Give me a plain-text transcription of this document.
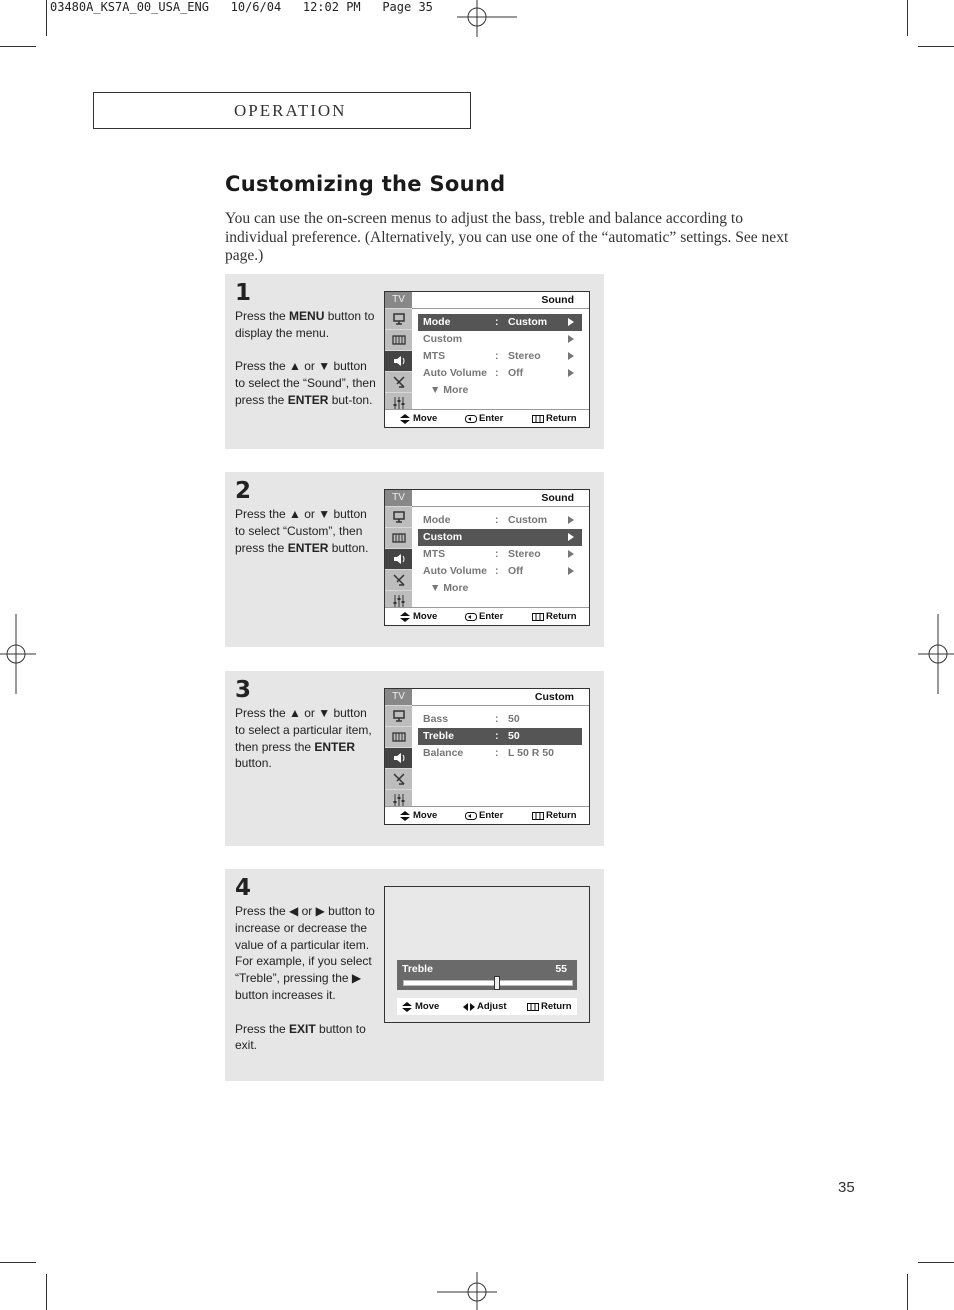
03480A_KS7A_00_USA_ENG   10/6/04   12:02 PM   Page 35
OPERATION
Customizing the Sound
You can use the on-screen menus to adjust the bass, treble and balance according to individual preference. (Alternatively, you can use one of the “automatic” settings. See next page.)
1

Press the MENU button to display the menu.

Press the ▲ or ▼ button to select the “Sound”, then press the ENTER but-ton.

TV	Sound
Mode	: Custom
Custom
MTS	: Stereo
Auto Volume : Off
▼ More
Move	Enter	Return
2

Press the ▲ or ▼ button to select “Custom”, then press the ENTER button.

TV	Sound
Mode	: Custom
Custom
MTS	: Stereo
Auto Volume : Off
▼ More
Move	Enter	Return
3

Press the ▲ or ▼ button to select a particular item, then press the ENTER button.

TV	Custom
Bass	: 50
Treble	: 50
Balance	: L 50 R 50
Move	Enter	Return
4

Press the ◀ or ▶ button to increase or decrease the value of a particular item.

For example, if you select “Treble”, pressing the ▶ button increases it.

Press the EXIT button to exit.

Treble	55
Move	Adjust	Return
35
